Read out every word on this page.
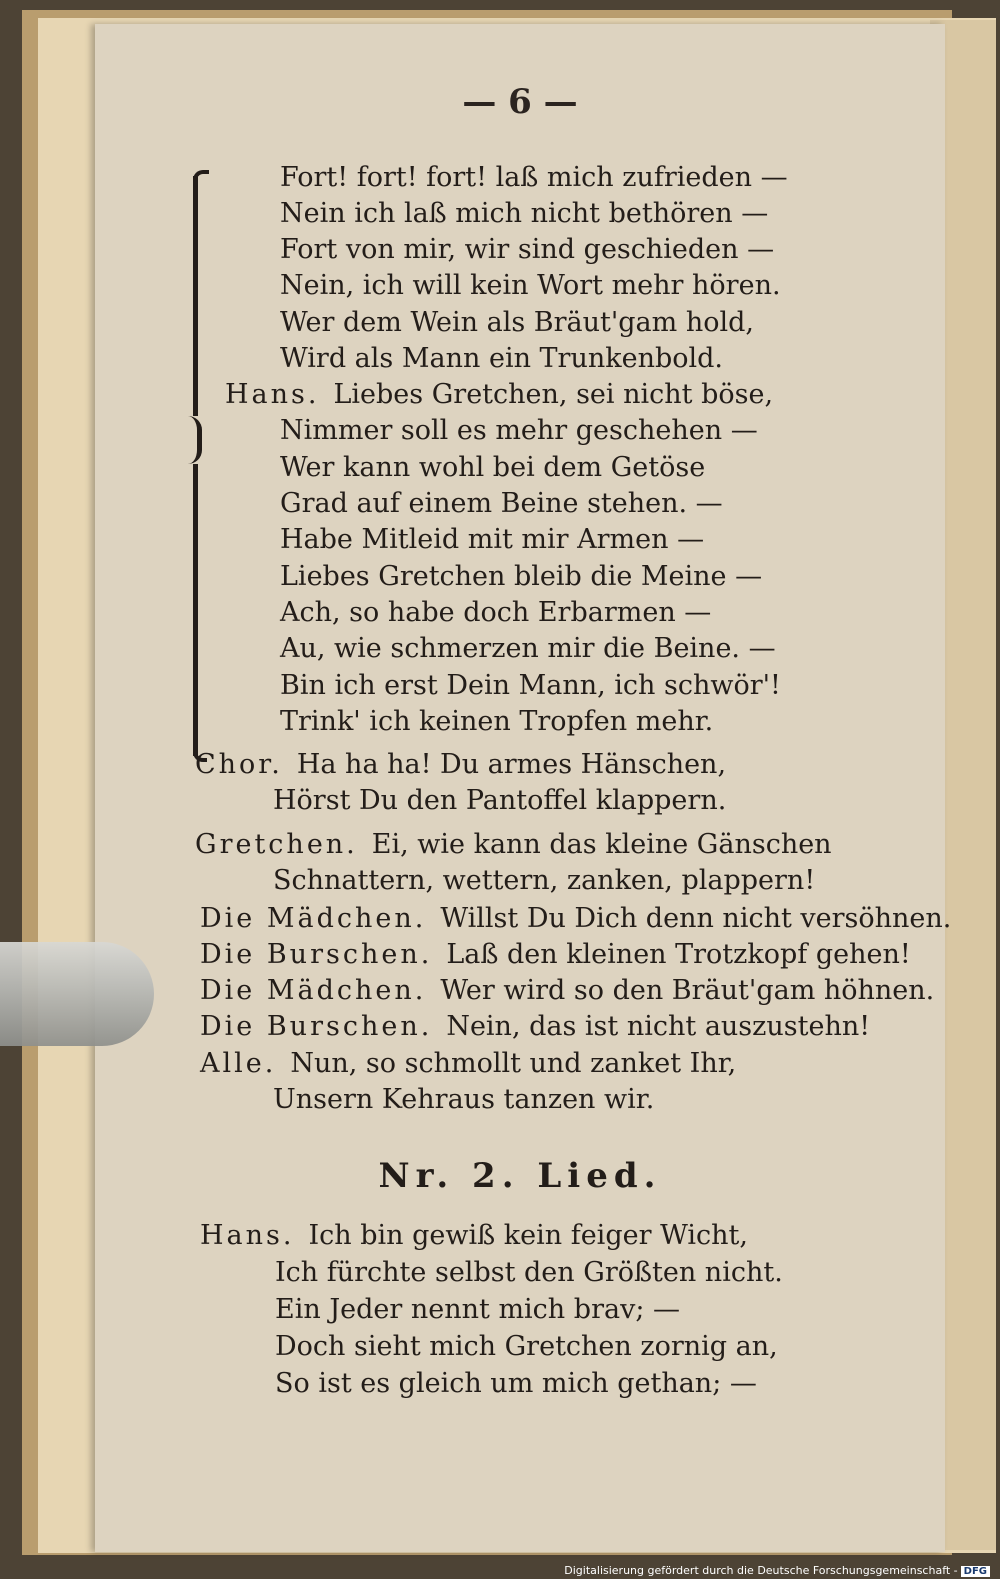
— 6 —
Fort! fort! fort! laß mich zufrieden —
Nein ich laß mich nicht bethören —
Fort von mir, wir sind geschieden —
Nein, ich will kein Wort mehr hören.
Wer dem Wein als Bräut'gam hold,
Wird als Mann ein Trunkenbold.
Hans. Liebes Gretchen, sei nicht böse,
Nimmer soll es mehr geschehen —
Wer kann wohl bei dem Getöse
Grad auf einem Beine stehen. —
Habe Mitleid mit mir Armen —
Liebes Gretchen bleib die Meine —
Ach, so habe doch Erbarmen —
Au, wie schmerzen mir die Beine. —
Bin ich erst Dein Mann, ich schwör'!
Trink' ich keinen Tropfen mehr.
Chor. Ha ha ha! Du armes Hänschen,
Hörst Du den Pantoffel klappern.
Gretchen. Ei, wie kann das kleine Gänschen
Schnattern, wettern, zanken, plappern!
Die Mädchen. Willst Du Dich denn nicht versöhnen.
Die Burschen. Laß den kleinen Trotzkopf gehen!
Die Mädchen. Wer wird so den Bräut'gam höhnen.
Die Burschen. Nein, das ist nicht auszustehn!
Alle. Nun, so schmollt und zanket Ihr,
Unsern Kehraus tanzen wir.
Nr. 2. Lied.
Hans. Ich bin gewiß kein feiger Wicht,
Ich fürchte selbst den Größten nicht.
Ein Jeder nennt mich brav; —
Doch sieht mich Gretchen zornig an,
So ist es gleich um mich gethan; —
Digitalisierung gefördert durch die Deutsche Forschungsgemeinschaft - DFG
